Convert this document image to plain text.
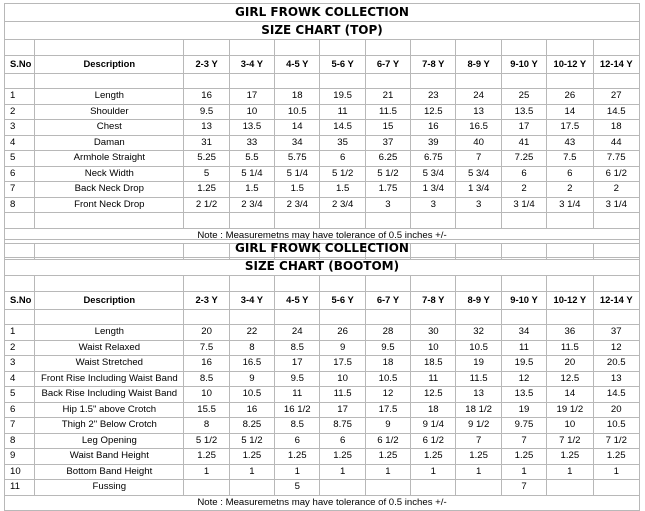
GIRL FROWK COLLECTION											
SIZE CHART (TOP)											

S.No	Description	2-3 Y	3-4 Y	4-5 Y	5-6 Y	6-7 Y	7-8 Y	8-9 Y	9-10 Y	10-12 Y	12-14 Y

1	Length	16	17	18	19.5	21	23	24	25	26	27
2	Shoulder	9.5	10	10.5	11	11.5	12.5	13	13.5	14	14.5
3	Chest	13	13.5	14	14.5	15	16	16.5	17	17.5	18
4	Daman	31	33	34	35	37	39	40	41	43	44
5	Armhole Straight	5.25	5.5	5.75	6	6.25	6.75	7	7.25	7.5	7.75
6	Neck Width	5	5 1/4	5 1/4	5 1/2	5 1/2	5 3/4	5 3/4	6	6	6 1/2
7	Back Neck Drop	1.25	1.5	1.5	1.5	1.75	1 3/4	1 3/4	2	2	2
8	Front Neck Drop	2 1/2	2 3/4	2 3/4	2 3/4	3	3	3	3 1/4	3 1/4	3 1/4

Note : Measuremetns may have tolerance of 0.5 inches +/-											

GIRL FROWK COLLECTION											
SIZE CHART (BOOTOM)											

S.No	Description	2-3 Y	3-4 Y	4-5 Y	5-6 Y	6-7 Y	7-8 Y	8-9 Y	9-10 Y	10-12 Y	12-14 Y

1	Length	20	22	24	26	28	30	32	34	36	37
2	Waist Relaxed	7.5	8	8.5	9	9.5	10	10.5	11	11.5	12
3	Waist Stretched	16	16.5	17	17.5	18	18.5	19	19.5	20	20.5
4	Front Rise Including Waist Band	8.5	9	9.5	10	10.5	11	11.5	12	12.5	13
5	Back Rise Including Waist Band	10	10.5	11	11.5	12	12.5	13	13.5	14	14.5
6	Hip 1.5" above Crotch	15.5	16	16 1/2	17	17.5	18	18 1/2	19	19 1/2	20
7	Thigh 2" Below Crotch	8	8.25	8.5	8.75	9	9 1/4	9 1/2	9.75	10	10.5
8	Leg Opening	5 1/2	5 1/2	6	6	6 1/2	6 1/2	7	7	7 1/2	7 1/2
9	Waist Band Height	1.25	1.25	1.25	1.25	1.25	1.25	1.25	1.25	1.25	1.25
10	Bottom Band Height	1	1	1	1	1	1	1	1	1	1
11	Fussing			5					7		
Note : Measuremetns may have tolerance of 0.5 inches +/-											
